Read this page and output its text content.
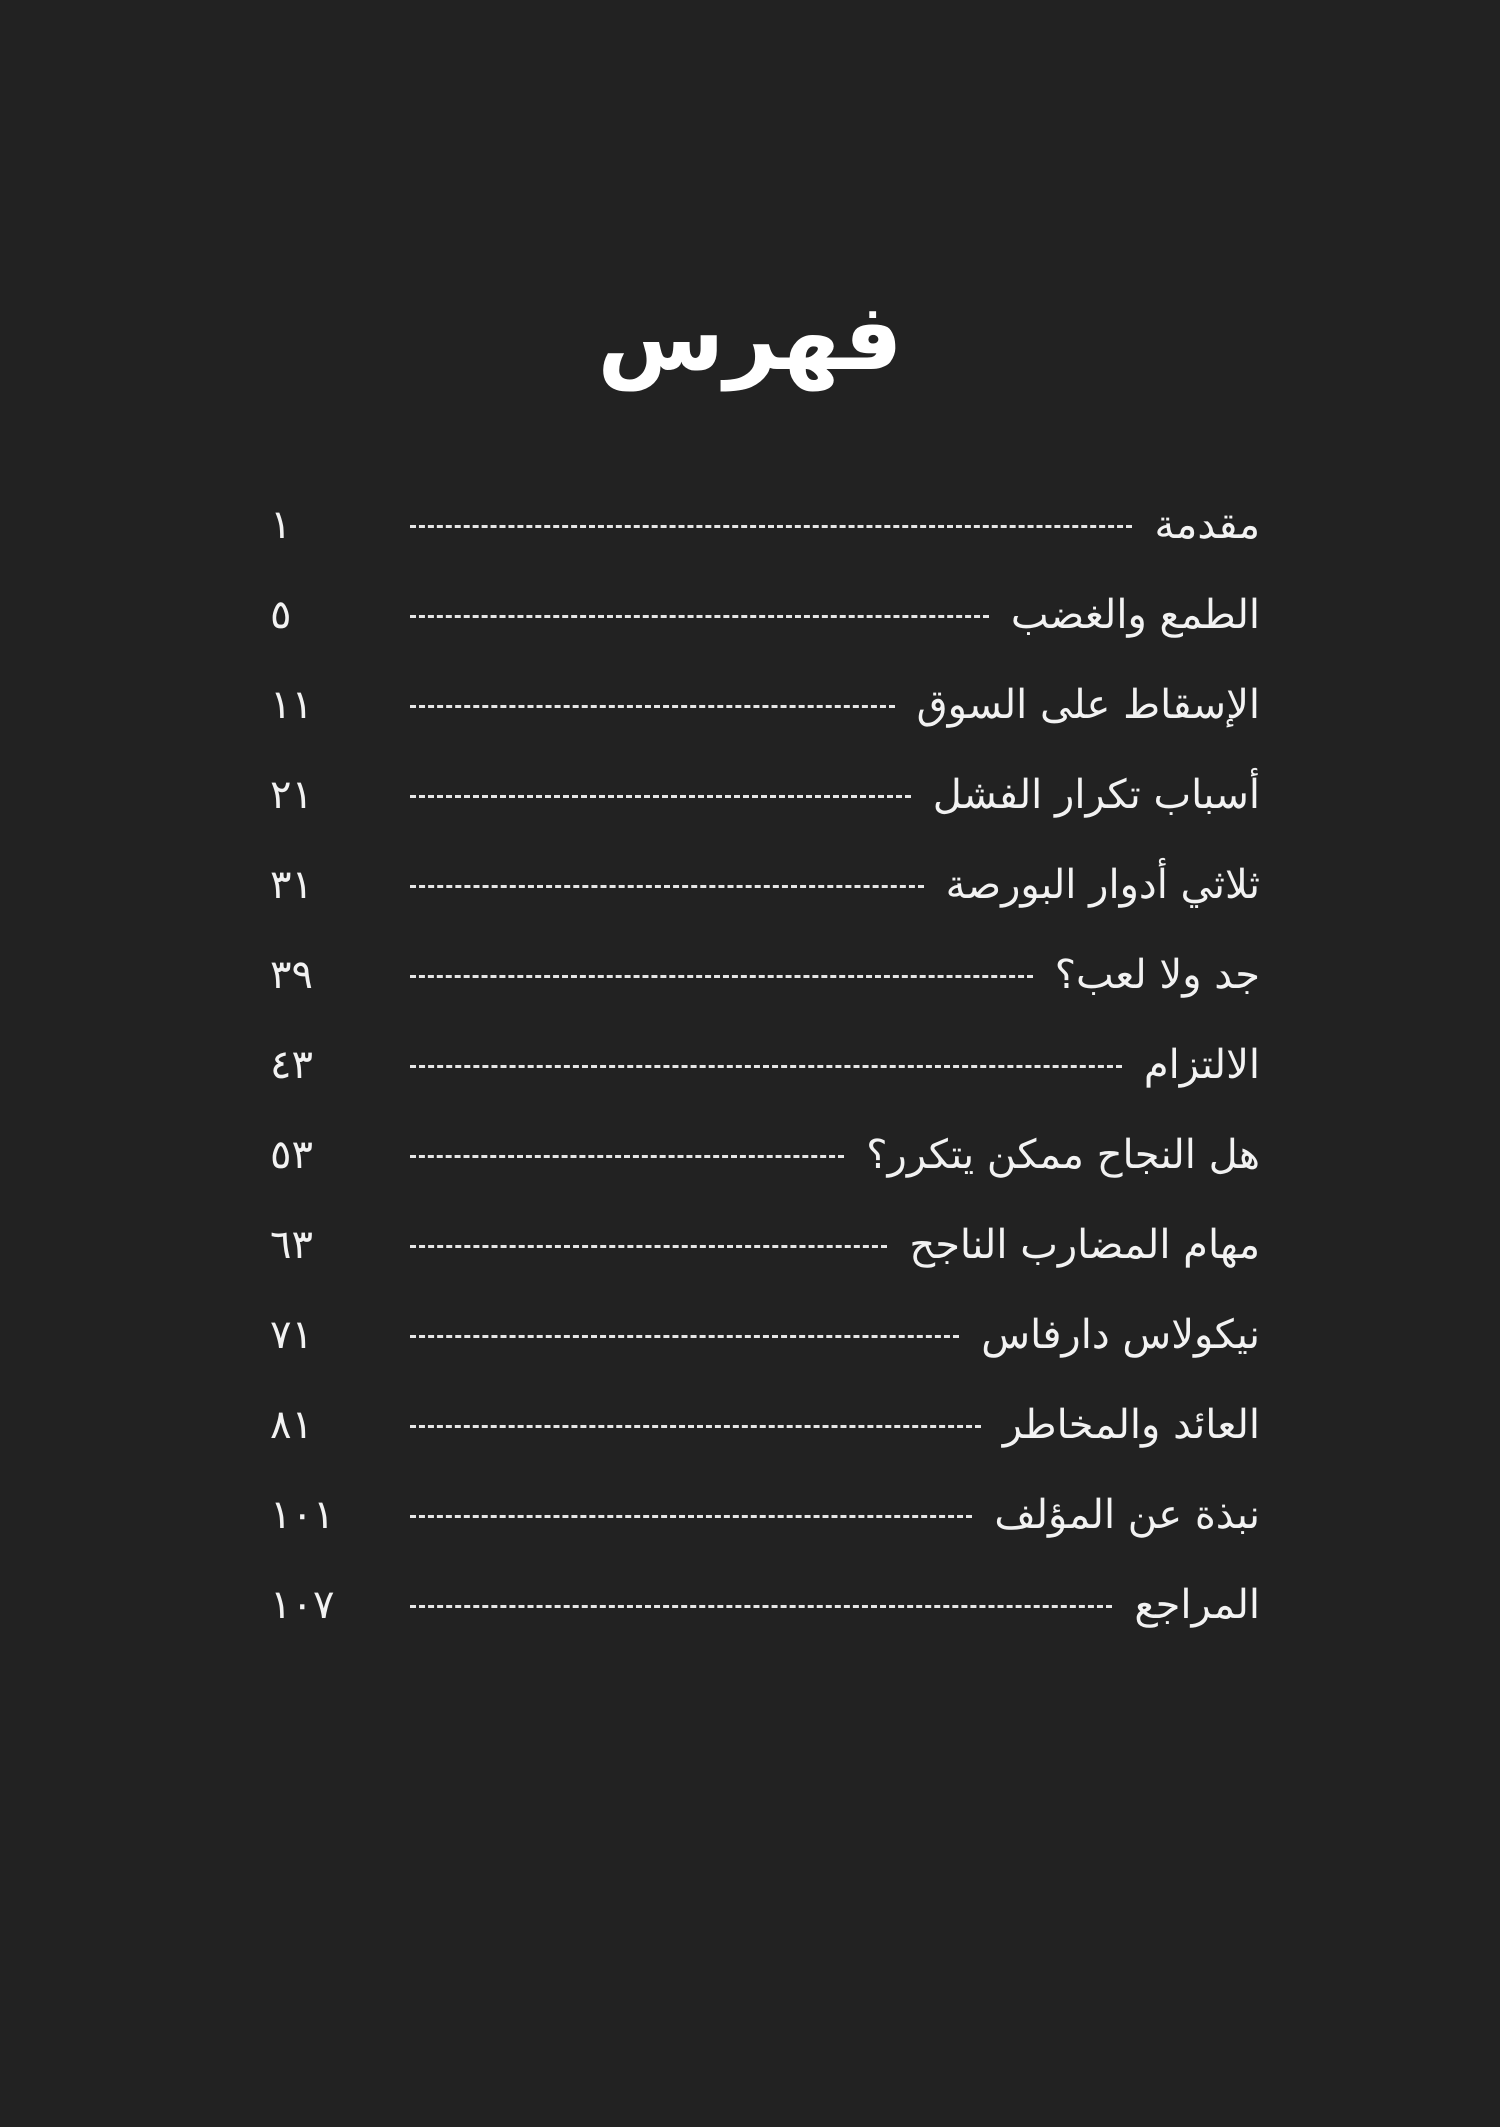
فهرس
مقدمة
١
الطمع والغضب
٥
الإسقاط على السوق
١١
أسباب تكرار الفشل
٢١
ثلاثي أدوار البورصة
٣١
جد ولا لعب؟
٣٩
الالتزام
٤٣
هل النجاح ممكن يتكرر؟
٥٣
مهام المضارب الناجح
٦٣
نيكولاس دارفاس
٧١
العائد والمخاطر
٨١
نبذة عن المؤلف
١٠١
المراجع
١٠٧
